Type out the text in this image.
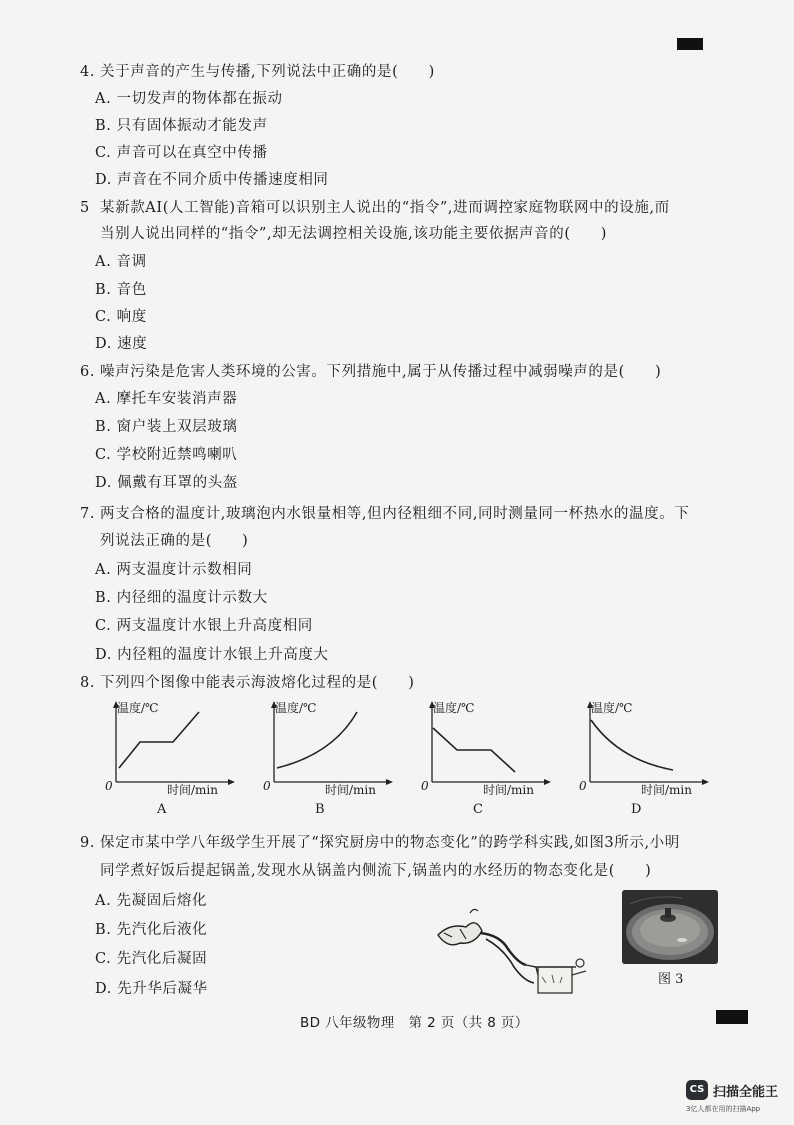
4. 关于声音的产生与传播,下列说法中正确的是(　　)
A. 一切发声的物体都在振动
B. 只有固体振动才能发声
C. 声音可以在真空中传播
D. 声音在不同介质中传播速度相同
5 某新款AI(人工智能)音箱可以识别主人说出的“指令”,进而调控家庭物联网中的设施,而
当别人说出同样的“指令”,却无法调控相关设施,该功能主要依据声音的(　　)
A. 音调
B. 音色
C. 响度
D. 速度
6. 噪声污染是危害人类环境的公害。下列措施中,属于从传播过程中减弱噪声的是(　　)
A. 摩托车安装消声器
B. 窗户装上双层玻璃
C. 学校附近禁鸣喇叭
D. 佩戴有耳罩的头盔
7. 两支合格的温度计,玻璃泡内水银量相等,但内径粗细不同,同时测量同一杯热水的温度。下
列说法正确的是(　　)
A. 两支温度计示数相同
B. 内径细的温度计示数大
C. 两支温度计水银上升高度相同
D. 内径粗的温度计水银上升高度大
8. 下列四个图像中能表示海波熔化过程的是(　　)
温度/℃
0	时间/min
A
温度/℃
0	时间/min
B
温度/℃
0	时间/min
C
温度/℃
0	时间/min
D
9. 保定市某中学八年级学生开展了“探究厨房中的物态变化”的跨学科实践,如图3所示,小明
同学煮好饭后提起锅盖,发现水从锅盖内侧流下,锅盖内的水经历的物态变化是(　　)
A. 先凝固后熔化
B. 先汽化后液化
C. 先汽化后凝固
D. 先升华后凝华
图 3
BD 八年级物理　第 2 页（共 8 页）
CS 扫描全能王
3亿人都在用的扫描App
